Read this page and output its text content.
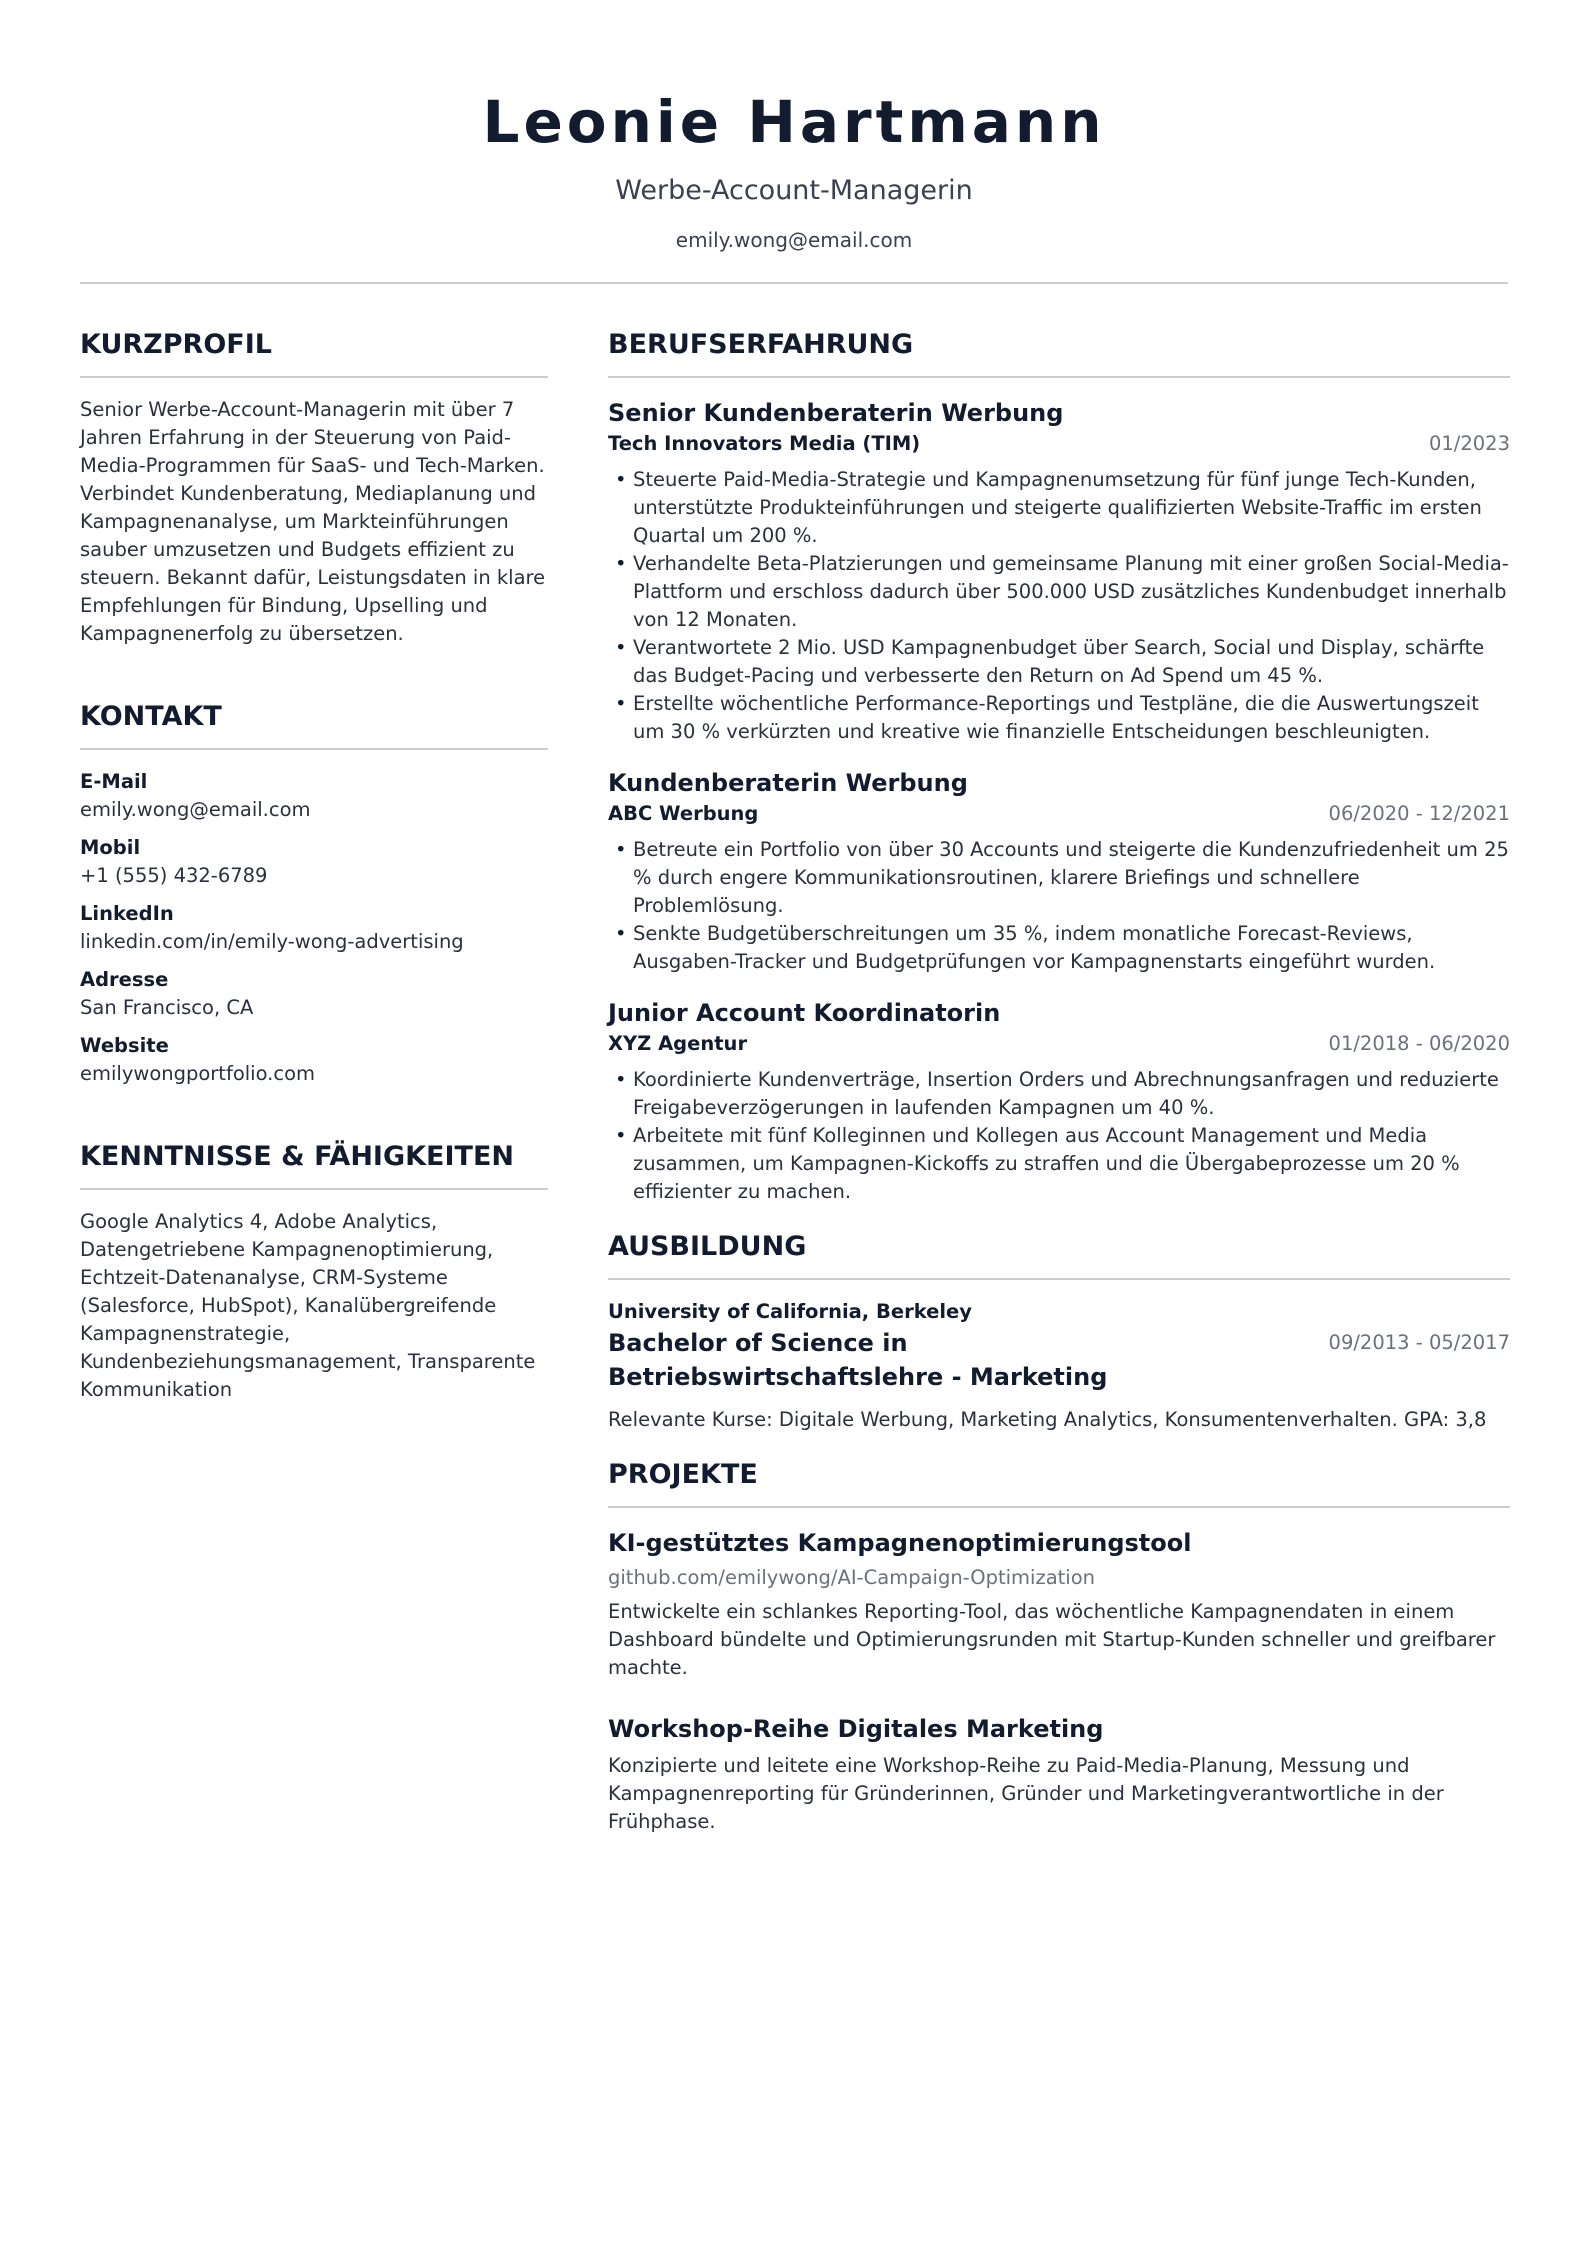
Leonie Hartmann
Werbe-Account-Managerin
emily.wong@email.com
KURZPROFIL

Senior Werbe-Account-Managerin mit über 7 Jahren Erfahrung in der Steuerung von Paid-Media-Programmen für SaaS- und Tech-Marken. Verbindet Kundenberatung, Mediaplanung und Kampagnenanalyse, um Markteinführungen sauber umzusetzen und Budgets effizient zu steuern. Bekannt dafür, Leistungsdaten in klare Empfehlungen für Bindung, Upselling und Kampagnenerfolg zu übersetzen.

KONTAKT
E-Mail
emily.wong@email.com
Mobil
+1 (555) 432-6789
LinkedIn
linkedin.com/in/emily-wong-advertising
Adresse
San Francisco, CA
Website
emilywongportfolio.com
KENNTNISSE & FÄHIGKEITEN

Google Analytics 4, Adobe Analytics, Datengetriebene Kampagnenoptimierung, Echtzeit-Datenanalyse, CRM-Systeme (Salesforce, HubSpot), Kanalübergreifende Kampagnenstrategie, Kundenbeziehungsmanagement, Transparente Kommunikation

BERUFSERFAHRUNG
Senior Kundenberaterin Werbung
Tech Innovators Media (TIM)	01/2023
• Steuerte Paid-Media-Strategie und Kampagnenumsetzung für fünf junge Tech-Kunden, unterstützte Produkteinführungen und steigerte qualifizierten Website-Traffic im ersten Quartal um 200 %.
• Verhandelte Beta-Platzierungen und gemeinsame Planung mit einer großen Social-Media-Plattform und erschloss dadurch über 500.000 USD zusätzliches Kundenbudget innerhalb von 12 Monaten.
• Verantwortete 2 Mio. USD Kampagnenbudget über Search, Social und Display, schärfte das Budget-Pacing und verbesserte den Return on Ad Spend um 45 %.
• Erstellte wöchentliche Performance-Reportings und Testpläne, die die Auswertungszeit um 30 % verkürzten und kreative wie finanzielle Entscheidungen beschleunigten.
Kundenberaterin Werbung
ABC Werbung	06/2020 - 12/2021
• Betreute ein Portfolio von über 30 Accounts und steigerte die Kundenzufriedenheit um 25 % durch engere Kommunikationsroutinen, klarere Briefings und schnellere Problemlösung.
• Senkte Budgetüberschreitungen um 35 %, indem monatliche Forecast-Reviews, Ausgaben-Tracker und Budgetprüfungen vor Kampagnenstarts eingeführt wurden.
Junior Account Koordinatorin
XYZ Agentur	01/2018 - 06/2020
• Koordinierte Kundenverträge, Insertion Orders und Abrechnungsanfragen und reduzierte Freigabeverzögerungen in laufenden Kampagnen um 40 %.
• Arbeitete mit fünf Kolleginnen und Kollegen aus Account Management und Media zusammen, um Kampagnen-Kickoffs zu straffen und die Übergabeprozesse um 20 % effizienter zu machen.
AUSBILDUNG
University of California, Berkeley
Bachelor of Science in Betriebswirtschaftslehre - Marketing
09/2013 - 05/2017
Relevante Kurse: Digitale Werbung, Marketing Analytics, Konsumentenverhalten. GPA: 3,8
PROJEKTE
KI-gestütztes Kampagnenoptimierungstool
github.com/emilywong/AI-Campaign-Optimization
Entwickelte ein schlankes Reporting-Tool, das wöchentliche Kampagnendaten in einem Dashboard bündelte und Optimierungsrunden mit Startup-Kunden schneller und greifbarer machte.
Workshop-Reihe Digitales Marketing
Konzipierte und leitete eine Workshop-Reihe zu Paid-Media-Planung, Messung und Kampagnenreporting für Gründerinnen, Gründer und Marketingverantwortliche in der Frühphase.
